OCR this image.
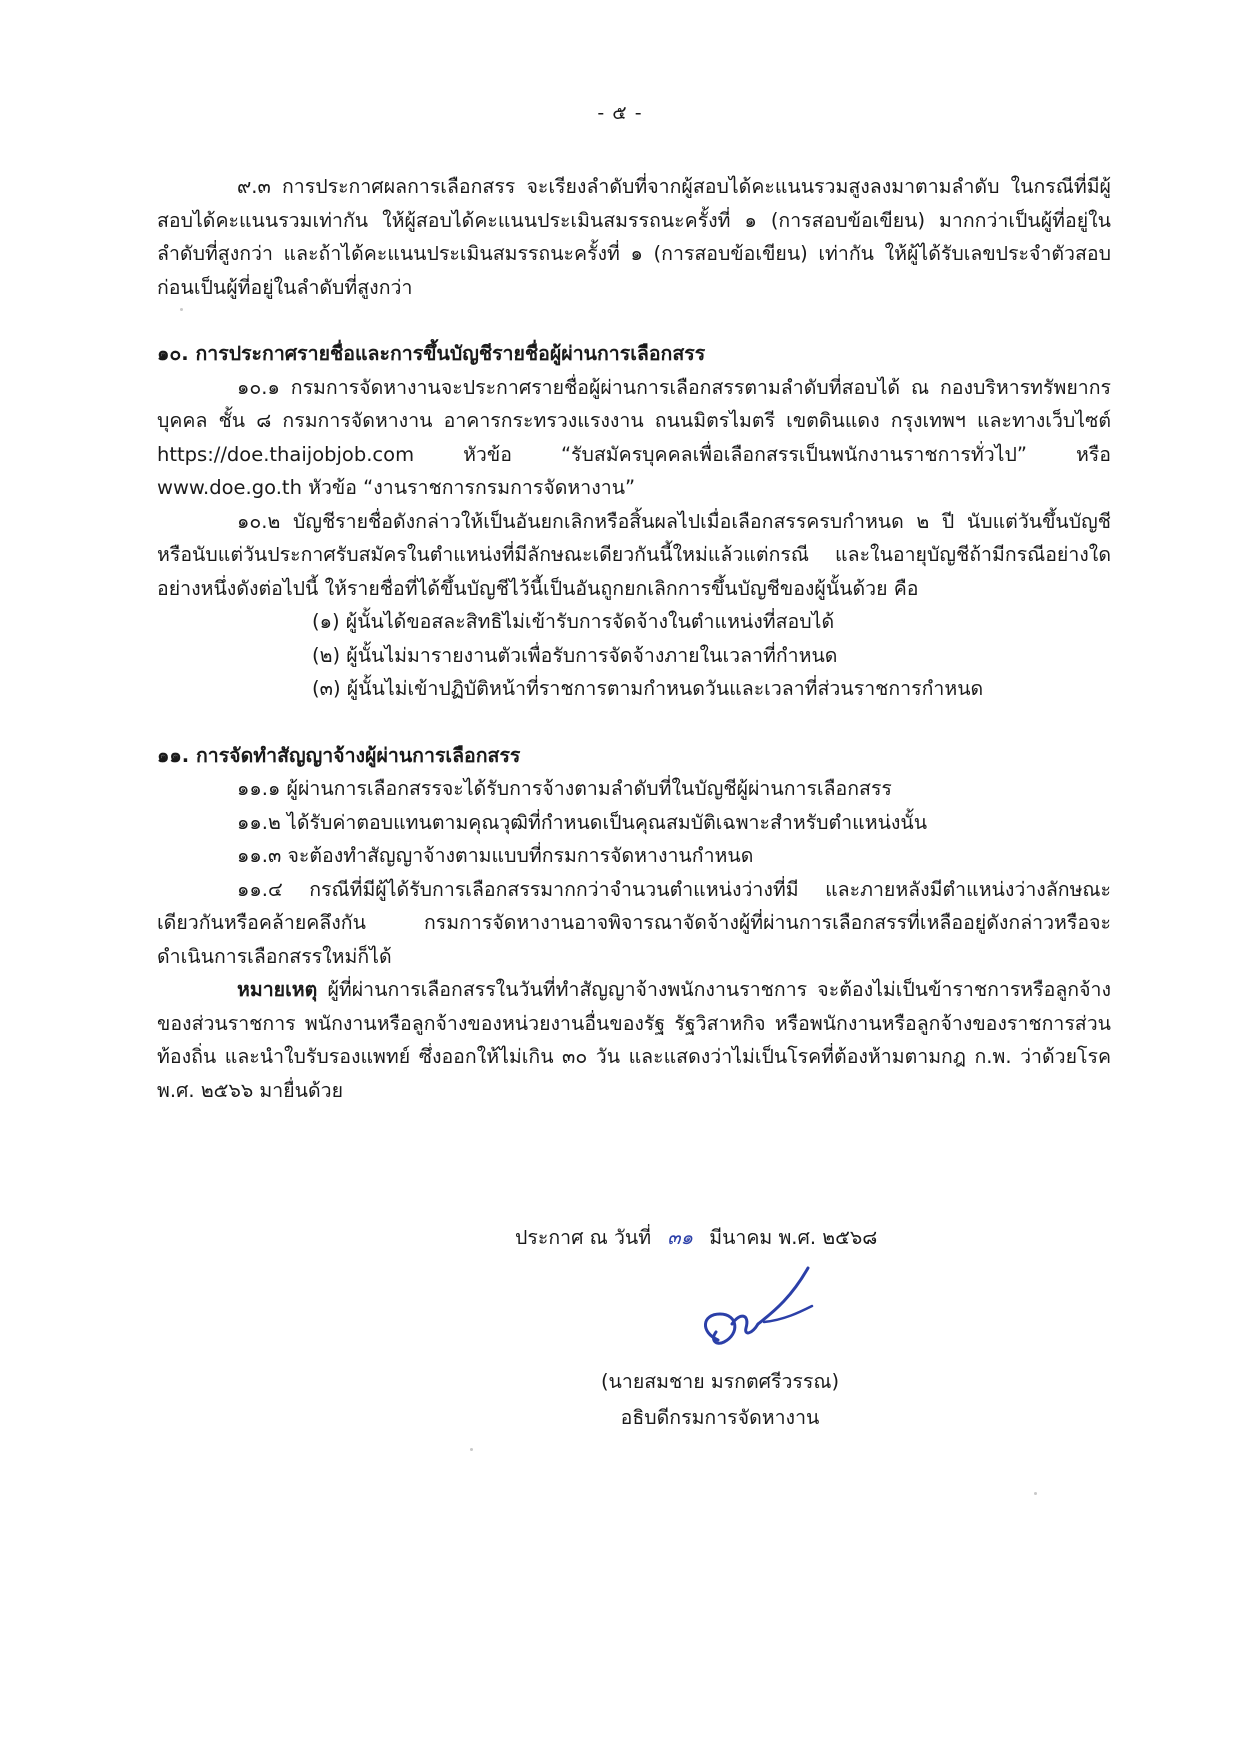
- ๕ -

๙.๓ การประกาศผลการเลือกสรร จะเรียงลำดับที่จากผู้สอบได้คะแนนรวมสูงลงมาตามลำดับ ในกรณีที่มีผู้สอบได้คะแนนรวมเท่ากัน ให้ผู้สอบได้คะแนนประเมินสมรรถนะครั้งที่ ๑ (การสอบข้อเขียน) มากกว่าเป็นผู้ที่อยู่ในลำดับที่สูงกว่า และถ้าได้คะแนนประเมินสมรรถนะครั้งที่ ๑ (การสอบข้อเขียน) เท่ากัน ให้ผู้ได้รับเลขประจำตัวสอบก่อนเป็นผู้ที่อยู่ในลำดับที่สูงกว่า

๑๐. การประกาศรายชื่อและการขึ้นบัญชีรายชื่อผู้ผ่านการเลือกสรร

๑๐.๑ กรมการจัดหางานจะประกาศรายชื่อผู้ผ่านการเลือกสรรตามลำดับที่สอบได้ ณ กองบริหารทรัพยากรบุคคล ชั้น ๘ กรมการจัดหางาน อาคารกระทรวงแรงงาน ถนนมิตรไมตรี เขตดินแดง กรุงเทพฯ และทางเว็บไซต์ https://doe.thaijobjob.com หัวข้อ “รับสมัครบุคคลเพื่อเลือกสรรเป็นพนักงานราชการทั่วไป” หรือ www.doe.go.th หัวข้อ “งานราชการกรมการจัดหางาน”

๑๐.๒ บัญชีรายชื่อดังกล่าวให้เป็นอันยกเลิกหรือสิ้นผลไปเมื่อเลือกสรรครบกำหนด ๒ ปี นับแต่วันขึ้นบัญชี หรือนับแต่วันประกาศรับสมัครในตำแหน่งที่มีลักษณะเดียวกันนี้ใหม่แล้วแต่กรณี และในอายุบัญชีถ้ามีกรณีอย่างใดอย่างหนึ่งดังต่อไปนี้ ให้รายชื่อที่ได้ขึ้นบัญชีไว้นี้เป็นอันถูกยกเลิกการขึ้นบัญชีของผู้นั้นด้วย คือ

(๑) ผู้นั้นได้ขอสละสิทธิไม่เข้ารับการจัดจ้างในตำแหน่งที่สอบได้

(๒) ผู้นั้นไม่มารายงานตัวเพื่อรับการจัดจ้างภายในเวลาที่กำหนด

(๓) ผู้นั้นไม่เข้าปฏิบัติหน้าที่ราชการตามกำหนดวันและเวลาที่ส่วนราชการกำหนด

๑๑. การจัดทำสัญญาจ้างผู้ผ่านการเลือกสรร

๑๑.๑ ผู้ผ่านการเลือกสรรจะได้รับการจ้างตามลำดับที่ในบัญชีผู้ผ่านการเลือกสรร

๑๑.๒ ได้รับค่าตอบแทนตามคุณวุฒิที่กำหนดเป็นคุณสมบัติเฉพาะสำหรับตำแหน่งนั้น

๑๑.๓ จะต้องทำสัญญาจ้างตามแบบที่กรมการจัดหางานกำหนด

๑๑.๔ กรณีที่มีผู้ได้รับการเลือกสรรมากกว่าจำนวนตำแหน่งว่างที่มี และภายหลังมีตำแหน่งว่างลักษณะเดียวกันหรือคล้ายคลึงกัน กรมการจัดหางานอาจพิจารณาจัดจ้างผู้ที่ผ่านการเลือกสรรที่เหลืออยู่ดังกล่าวหรือจะดำเนินการเลือกสรรใหม่ก็ได้

หมายเหตุ ผู้ที่ผ่านการเลือกสรรในวันที่ทำสัญญาจ้างพนักงานราชการ จะต้องไม่เป็นข้าราชการหรือลูกจ้างของส่วนราชการ พนักงานหรือลูกจ้างของหน่วยงานอื่นของรัฐ รัฐวิสาหกิจ หรือพนักงานหรือลูกจ้างของราชการส่วนท้องถิ่น และนำใบรับรองแพทย์ ซึ่งออกให้ไม่เกิน ๓๐ วัน และแสดงว่าไม่เป็นโรคที่ต้องห้ามตามกฎ ก.พ. ว่าด้วยโรค พ.ศ. ๒๕๖๖ มายื่นด้วย

ประกาศ ณ วันที่ ๓๑ มีนาคม พ.ศ. ๒๕๖๘
(นายสมชาย มรกตศรีวรรณ)
อธิบดีกรมการจัดหางาน
